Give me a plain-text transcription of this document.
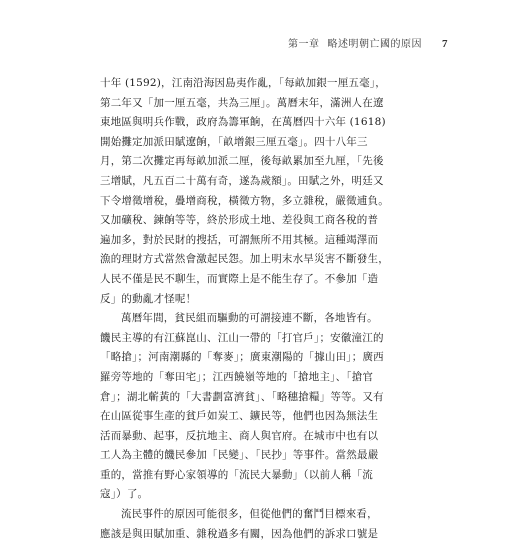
第一章 略述明朝亡國的原因 7
十年 (1592)，江南沿海因島夷作亂，「每畝加銀一厘五毫」，
第二年又「加一厘五毫，共為三厘」。萬曆末年，滿洲人在遼
東地區與明兵作戰，政府為籌軍餉，在萬曆四十六年 (1618)
開始攤定加派田賦遼餉，「畝增銀三厘五毫」。四十八年三
月，第二次攤定再每畝加派二厘，後每畝累加至九厘，「先後
三增賦，凡五百二十萬有奇，遂為歲額」。田賦之外，明廷又
下令增徵增稅，疊增商稅，橫徵方物，多立雜稅，嚴徵逋負。
又加礦稅、鍊餉等等，終於形成土地、差役與工商各稅的普
遍加多，對於民財的搜括，可謂無所不用其極。這種竭澤而
漁的理財方式當然會激起民怨。加上明末水旱災害不斷發生，
人民不僅是民不聊生，而實際上是不能生存了。不參加「造
反」的動亂才怪呢！
萬曆年間，貧民組而驅動的可謂接連不斷，各地皆有。
饑民主導的有江蘇崑山、江山一帶的「打官戶」；安徽潼江的
「略搶」；河南潮縣的「奪麥」；廣東潮陽的「據山田」；廣西
羅旁等地的「奪田宅」；江西饒嶺等地的「搶地主」、「搶官
倉」；湖北蘄黃的「大書劃富濟貧」、「略穗搶糧」等等。又有
在山區從事生產的貧戶如炭工、鑛民等，他們也因為無法生
活而暴動、起事，反抗地主、商人與官府。在城市中也有以
工人為主體的饑民參加「民變」、「民抄」等事件。當然最嚴
重的，當推有野心家領導的「流民大暴動」（以前人稱「流
寇」）了。
流民事件的原因可能很多，但從他們的奮鬥目標來看，
應該是與田賦加重、雜稅過多有關，因為他們的訴求口號是
